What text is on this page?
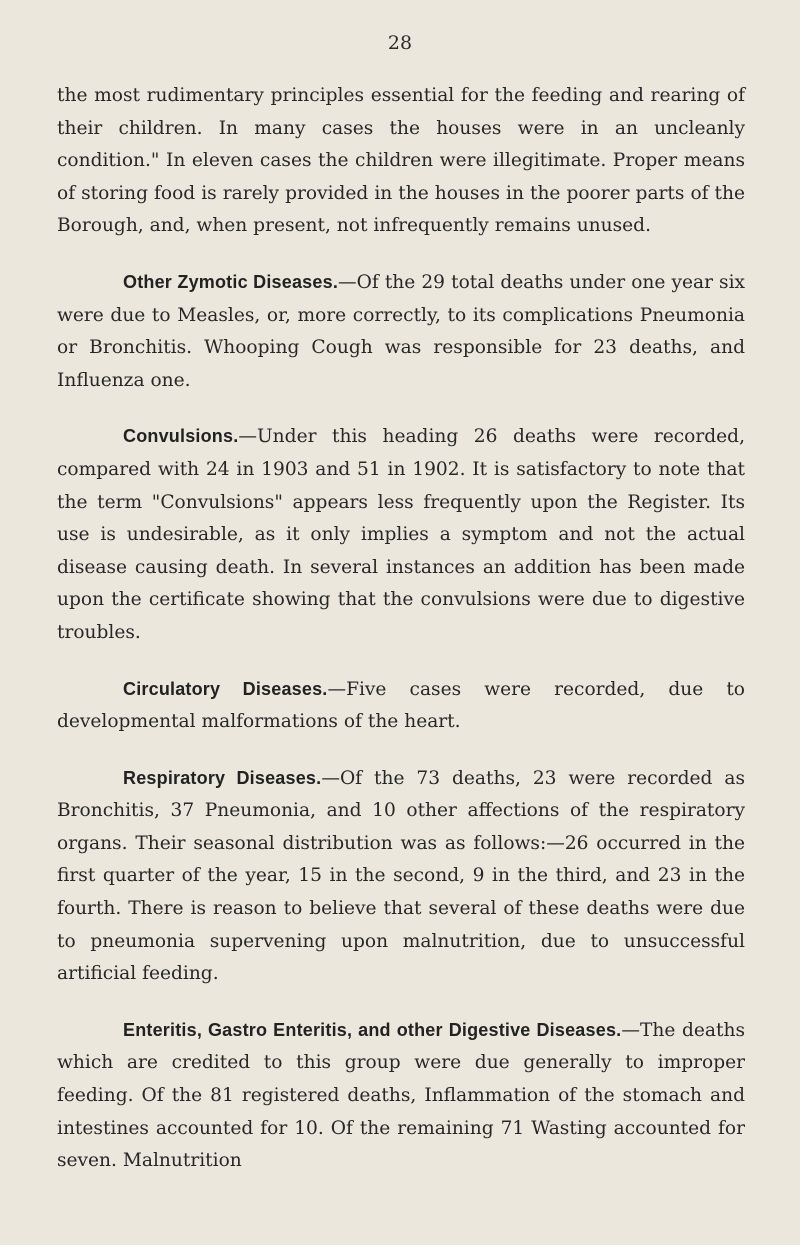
28

the most rudimentary principles essential for the feeding and rearing of their children. In many cases the houses were in an uncleanly condition." In eleven cases the children were illegitimate. Proper means of storing food is rarely provided in the houses in the poorer parts of the Borough, and, when present, not infrequently remains unused.

Other Zymotic Diseases.—Of the 29 total deaths under one year six were due to Measles, or, more correctly, to its complications Pneumonia or Bronchitis. Whooping Cough was responsible for 23 deaths, and Influenza one.

Convulsions.—Under this heading 26 deaths were recorded, compared with 24 in 1903 and 51 in 1902. It is satisfactory to note that the term "Convulsions" appears less frequently upon the Register. Its use is undesirable, as it only implies a symptom and not the actual disease causing death. In several instances an addition has been made upon the certificate showing that the convulsions were due to digestive troubles.

Circulatory Diseases.—Five cases were recorded, due to developmental malformations of the heart.

Respiratory Diseases.—Of the 73 deaths, 23 were recorded as Bronchitis, 37 Pneumonia, and 10 other affections of the respiratory organs. Their seasonal distribution was as follows:—26 occurred in the first quarter of the year, 15 in the second, 9 in the third, and 23 in the fourth. There is reason to believe that several of these deaths were due to pneumonia supervening upon malnutrition, due to unsuccessful artificial feeding.

Enteritis, Gastro Enteritis, and other Digestive Diseases.—The deaths which are credited to this group were due generally to improper feeding. Of the 81 registered deaths, Inflammation of the stomach and intestines accounted for 10. Of the remaining 71 Wasting accounted for seven. Malnutrition
